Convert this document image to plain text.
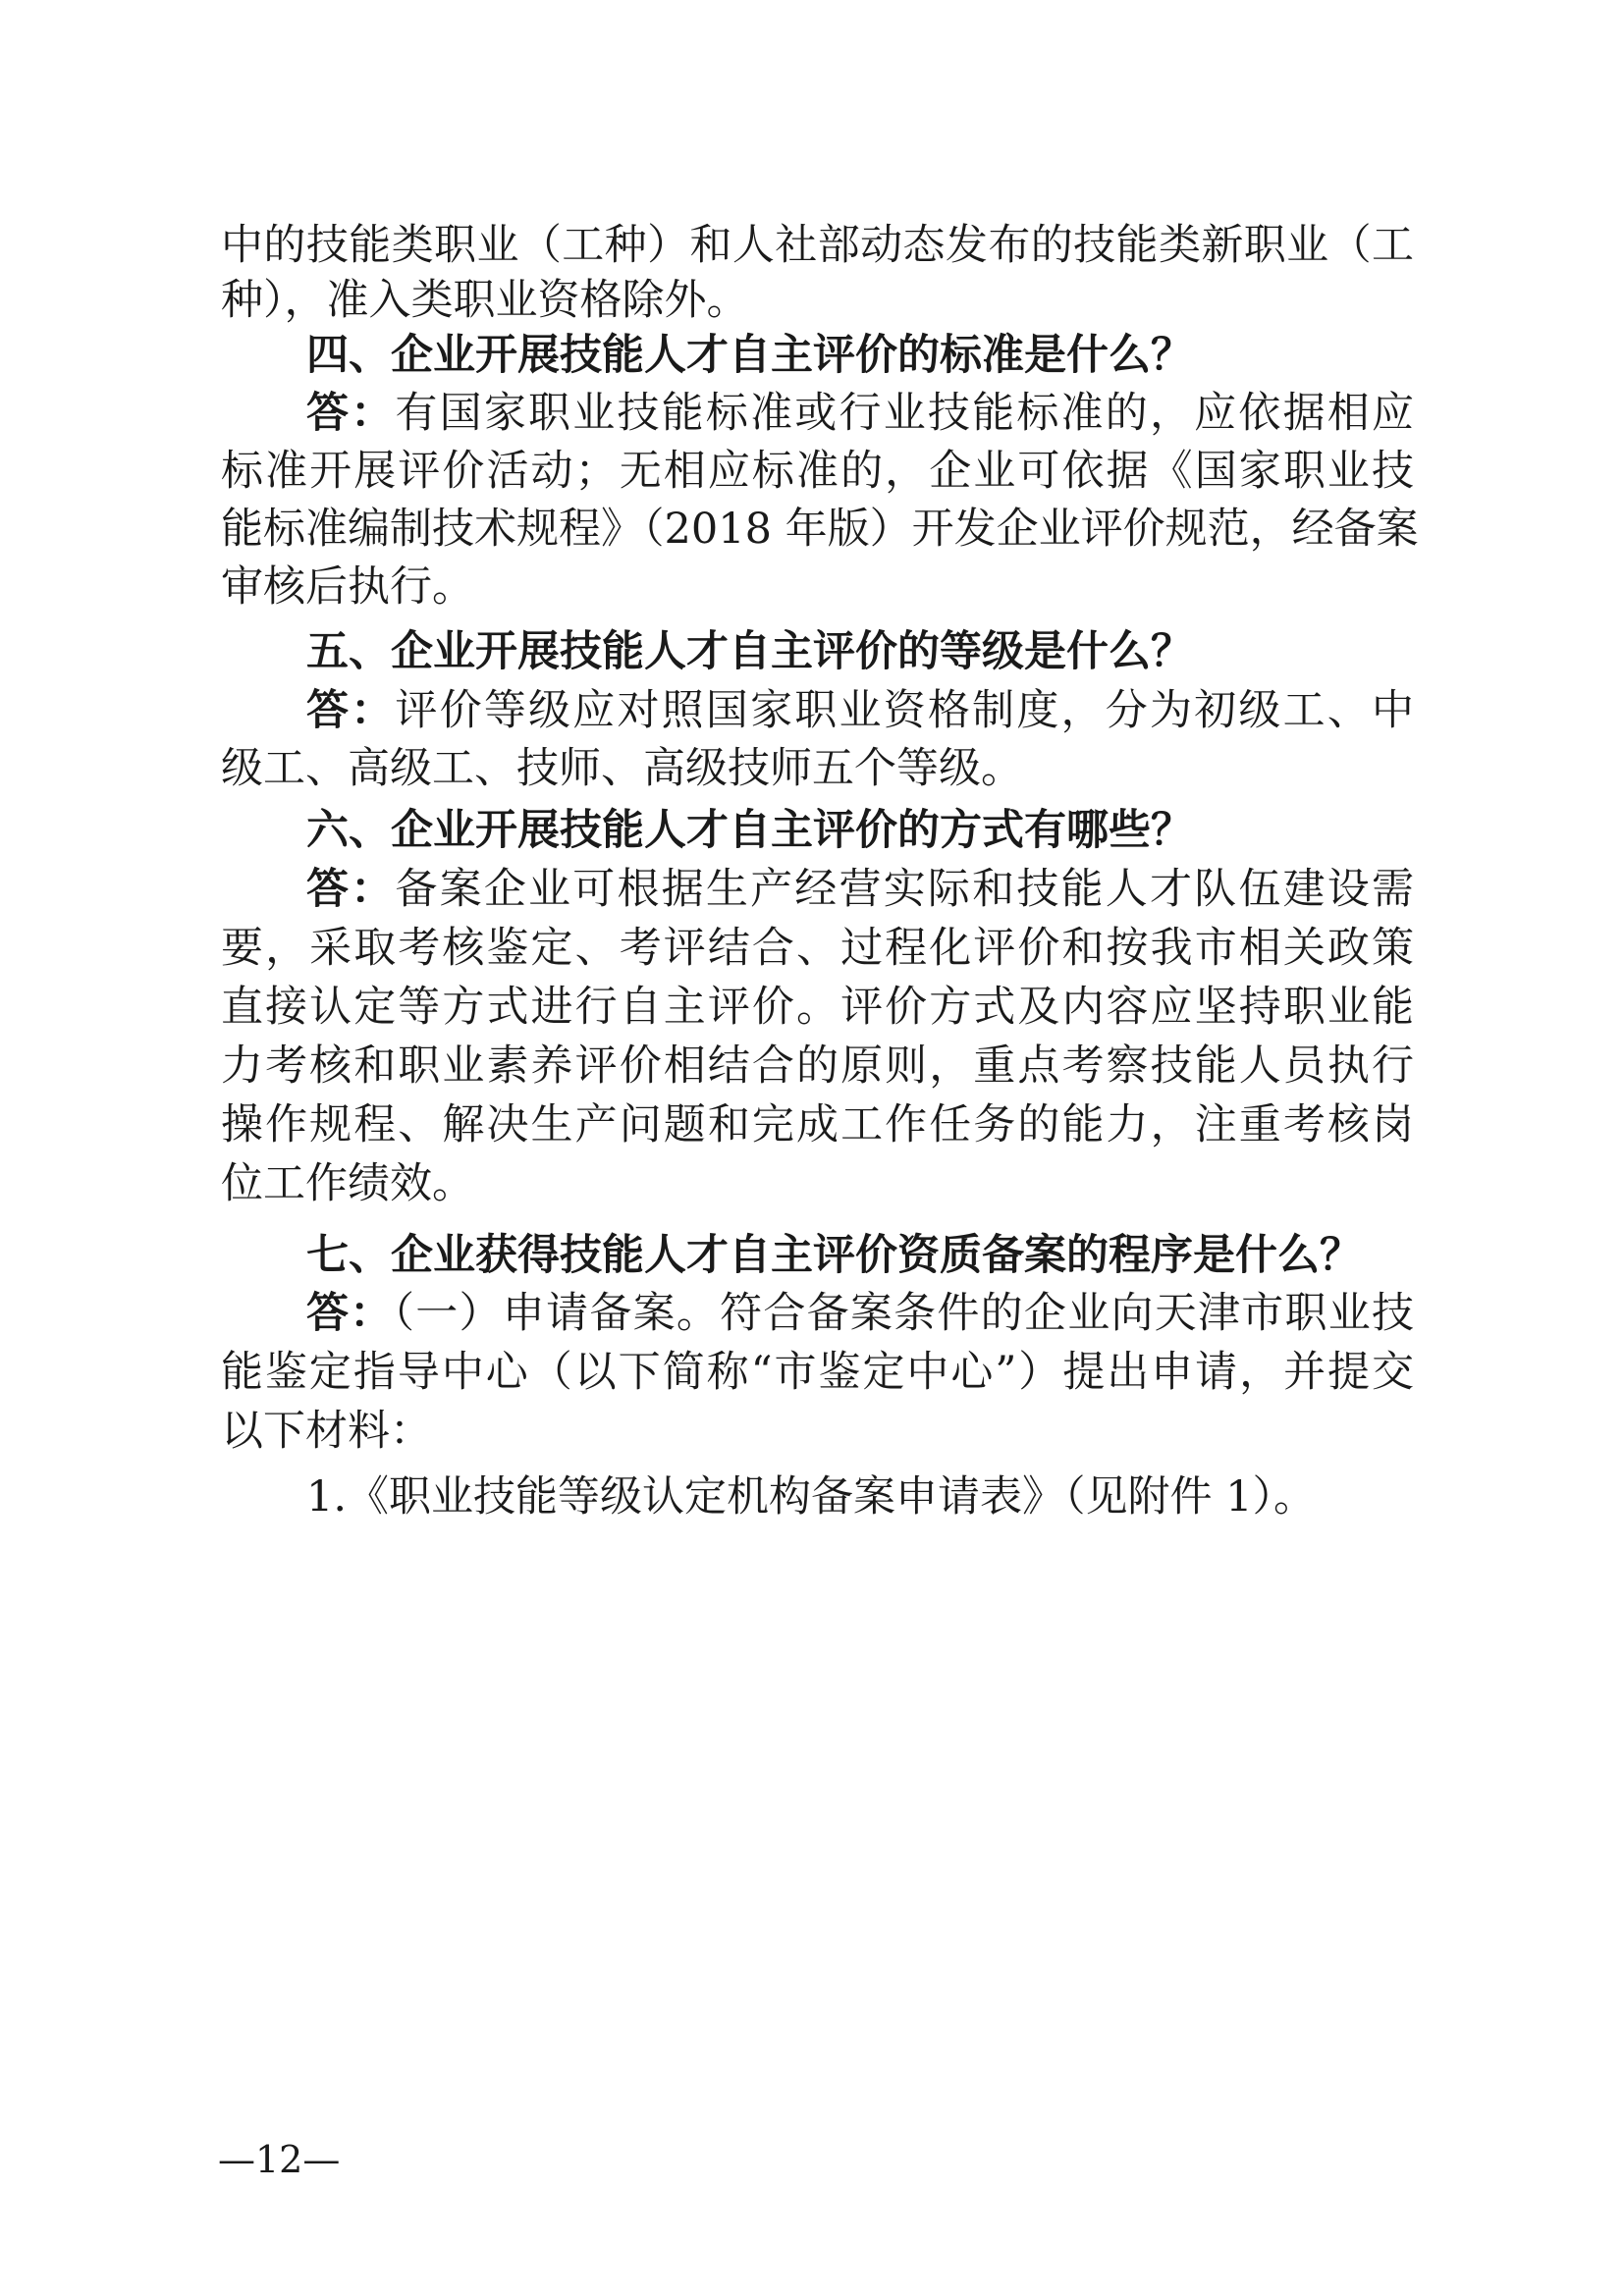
中的技能类职业（工种）和人社部动态发布的技能类新职业（工
种），准入类职业资格除外。
四、企业开展技能人才自主评价的标准是什么？
答：有国家职业技能标准或行业技能标准的，应依据相应
标准开展评价活动；无相应标准的，企业可依据《国家职业技
能标准编制技术规程》（2018 年版）开发企业评价规范，经备案
审核后执行。
五、企业开展技能人才自主评价的等级是什么？
答：评价等级应对照国家职业资格制度，分为初级工、中
级工、高级工、技师、高级技师五个等级。
六、企业开展技能人才自主评价的方式有哪些？
答：备案企业可根据生产经营实际和技能人才队伍建设需
要，采取考核鉴定、考评结合、过程化评价和按我市相关政策
直接认定等方式进行自主评价。评价方式及内容应坚持职业能
力考核和职业素养评价相结合的原则，重点考察技能人员执行
操作规程、解决生产问题和完成工作任务的能力，注重考核岗
位工作绩效。
七、企业获得技能人才自主评价资质备案的程序是什么？
答：（一）申请备案。符合备案条件的企业向天津市职业技
能鉴定指导中心（以下简称“市鉴定中心”）提出申请，并提交
以下材料：
1.《职业技能等级认定机构备案申请表》（见附件 1）。
—12—
